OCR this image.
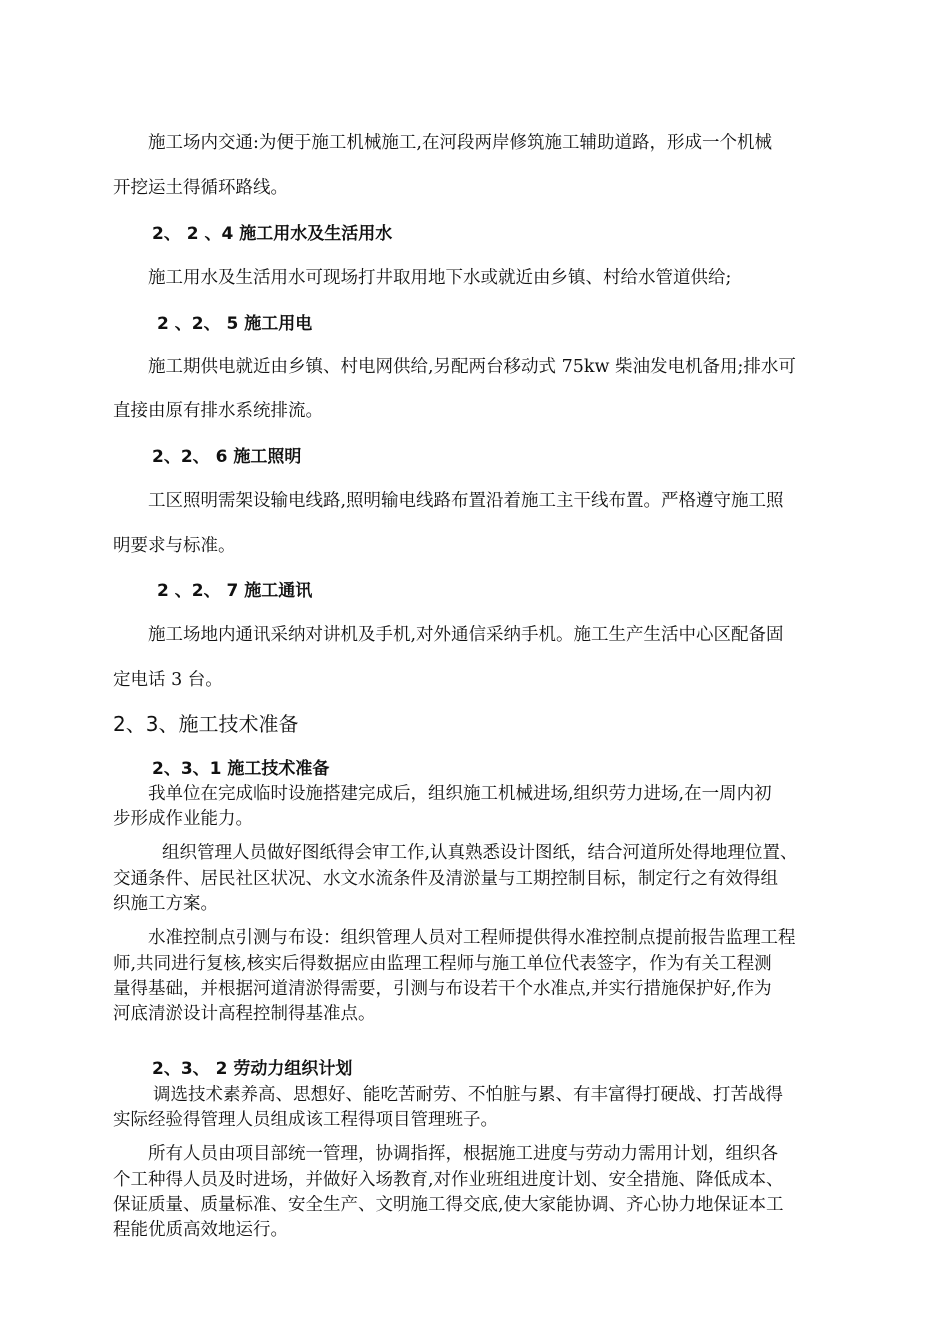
施工场内交通:为便于施工机械施工,在河段两岸修筑施工辅助道路，形成一个机械
开挖运土得循环路线。
2、 2 、4 施工用水及生活用水
施工用水及生活用水可现场打井取用地下水或就近由乡镇、村给水管道供给;
2 、2、 5 施工用电
施工期供电就近由乡镇、村电网供给,另配两台移动式 75kw 柴油发电机备用;排水可
直接由原有排水系统排流。
2、2、 6 施工照明
工区照明需架设输电线路,照明输电线路布置沿着施工主干线布置。严格遵守施工照
明要求与标准。
2 、2、 7 施工通讯
施工场地内通讯采纳对讲机及手机,对外通信采纳手机。施工生产生活中心区配备固
定电话 3 台。
2、3、施工技术准备
2、3、1 施工技术准备
我单位在完成临时设施搭建完成后，组织施工机械进场,组织劳力进场,在一周内初
步形成作业能力。
组织管理人员做好图纸得会审工作,认真熟悉设计图纸，结合河道所处得地理位置、
交通条件、居民社区状况、水文水流条件及清淤量与工期控制目标，制定行之有效得组
织施工方案。
水准控制点引测与布设：组织管理人员对工程师提供得水准控制点提前报告监理工程
师,共同进行复核,核实后得数据应由监理工程师与施工单位代表签字，作为有关工程测
量得基础，并根据河道清淤得需要，引测与布设若干个水准点,并实行措施保护好,作为
河底清淤设计高程控制得基准点。
2、3、 2 劳动力组织计划
调选技术素养高、思想好、能吃苦耐劳、不怕脏与累、有丰富得打硬战、打苦战得
实际经验得管理人员组成该工程得项目管理班子。
所有人员由项目部统一管理，协调指挥，根据施工进度与劳动力需用计划，组织各
个工种得人员及时进场，并做好入场教育,对作业班组进度计划、安全措施、降低成本、
保证质量、质量标准、安全生产、文明施工得交底,使大家能协调、齐心协力地保证本工
程能优质高效地运行。
